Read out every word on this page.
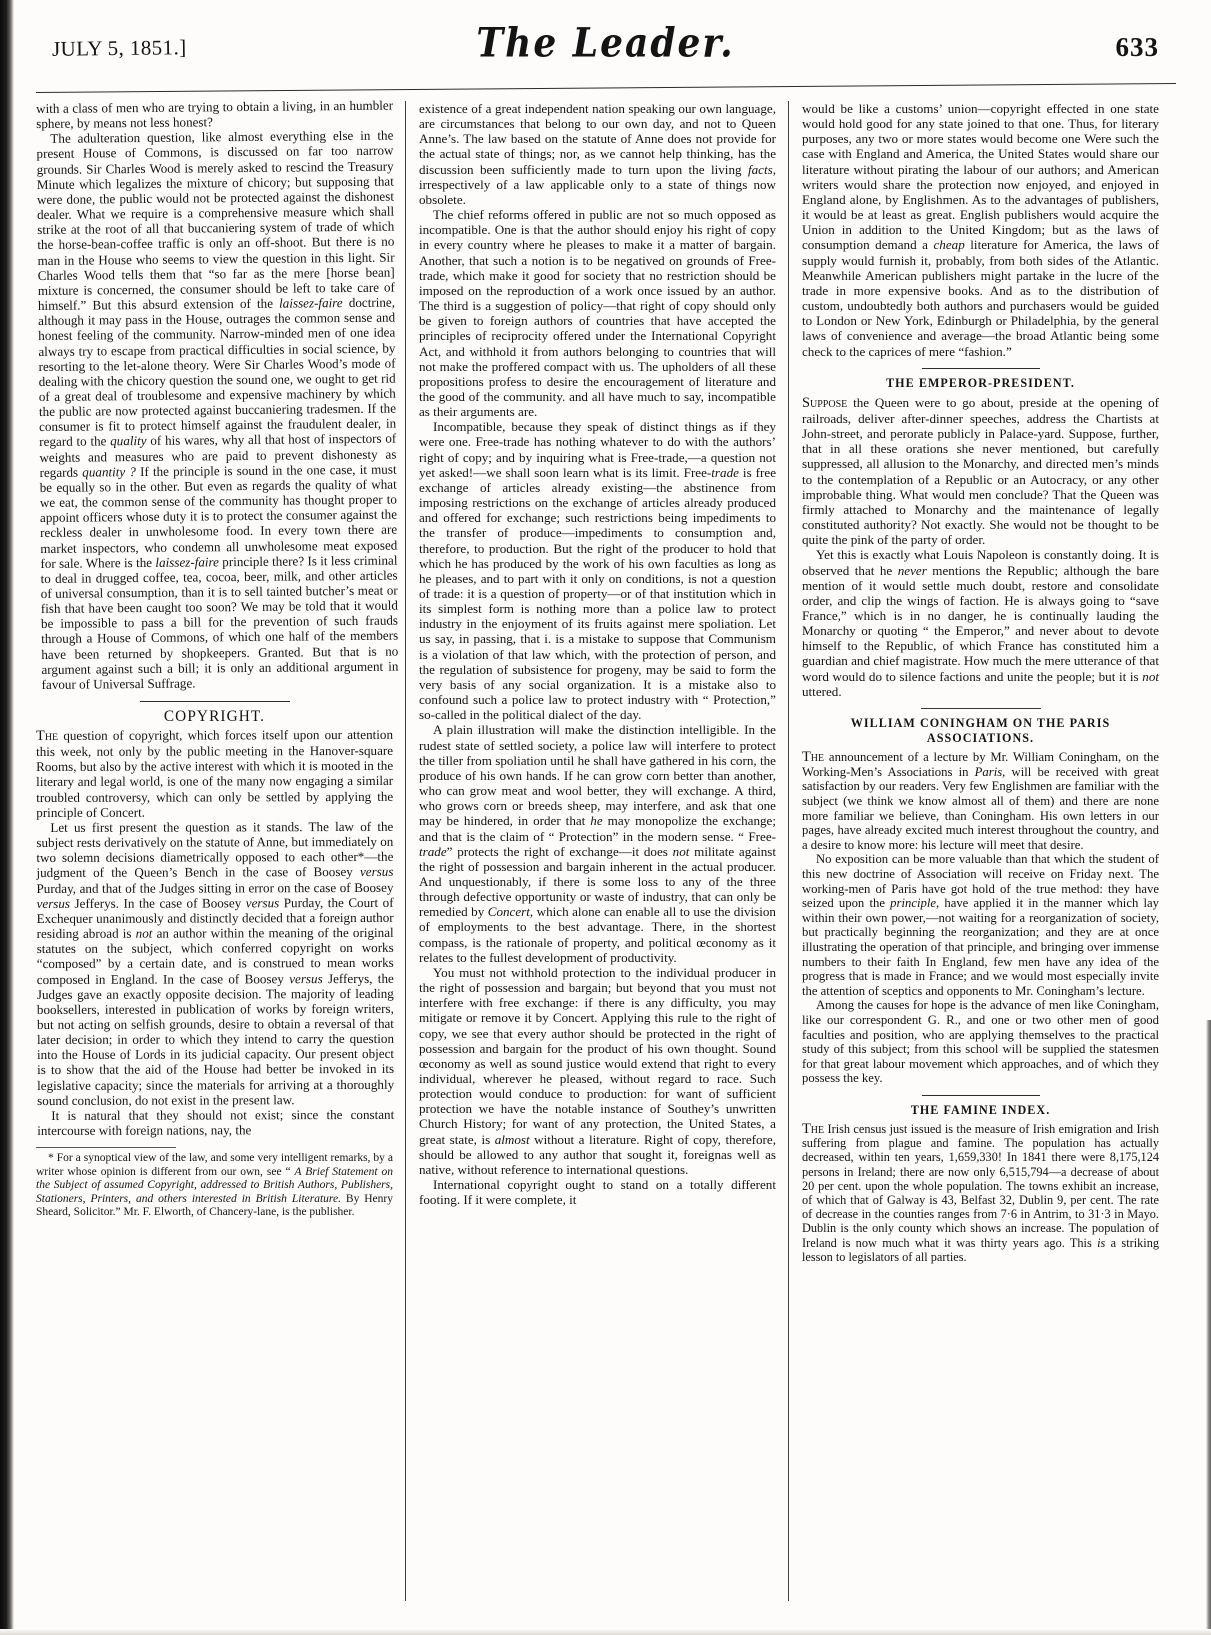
JULY 5, 1851.]	The Leader.	633

with a class of men who are trying to obtain a living, in an humbler sphere, by means not less honest?

The adulteration question, like almost everything else in the present House of Commons, is discussed on far too narrow grounds. Sir Charles Wood is merely asked to rescind the Treasury Minute which legalizes the mixture of chicory; but supposing that were done, the public would not be protected against the dishonest dealer. What we require is a comprehensive measure which shall strike at the root of all that buccaniering system of trade of which the horse-bean-coffee traffic is only an off-shoot. But there is no man in the House who seems to view the question in this light. Sir Charles Wood tells them that “so far as the mere [horse bean] mixture is concerned, the consumer should be left to take care of himself.” But this absurd extension of the laissez-faire doctrine, although it may pass in the House, outrages the common sense and honest feeling of the community. Narrow-minded men of one idea always try to escape from practical difficulties in social science, by resorting to the let-alone theory. Were Sir Charles Wood’s mode of dealing with the chicory question the sound one, we ought to get rid of a great deal of troublesome and expensive machinery by which the public are now protected against buccaniering tradesmen. If the consumer is fit to protect himself against the fraudulent dealer, in regard to the quality of his wares, why all that host of inspectors of weights and measures who are paid to prevent dishonesty as regards quantity ? If the principle is sound in the one case, it must be equally so in the other. But even as regards the quality of what we eat, the common sense of the community has thought proper to appoint officers whose duty it is to protect the consumer against the reckless dealer in unwholesome food. In every town there are market inspectors, who condemn all unwholesome meat exposed for sale. Where is the laissez-faire principle there? Is it less criminal to deal in drugged coffee, tea, cocoa, beer, milk, and other articles of universal consumption, than it is to sell tainted butcher’s meat or fish that have been caught too soon? We may be told that it would be impossible to pass a bill for the prevention of such frauds through a House of Commons, of which one half of the members have been returned by shopkeepers. Granted. But that is no argument against such a bill; it is only an additional argument in favour of Universal Suffrage.

COPYRIGHT.

The question of copyright, which forces itself upon our attention this week, not only by the public meeting in the Hanover-square Rooms, but also by the active interest with which it is mooted in the literary and legal world, is one of the many now engaging a similar troubled controversy, which can only be settled by applying the principle of Concert.

Let us first present the question as it stands. The law of the subject rests derivatively on the statute of Anne, but immediately on two solemn decisions diametrically opposed to each other*—the judgment of the Queen’s Bench in the case of Boosey versus Purday, and that of the Judges sitting in error on the case of Boosey versus Jefferys. In the case of Boosey versus Purday, the Court of Exchequer unanimously and distinctly decided that a foreign author residing abroad is not an author within the meaning of the original statutes on the subject, which conferred copyright on works “composed” by a certain date, and is construed to mean works composed in England. In the case of Boosey versus Jefferys, the Judges gave an exactly opposite decision. The majority of leading booksellers, interested in publication of works by foreign writers, but not acting on selfish grounds, desire to obtain a reversal of that later decision; in order to which they intend to carry the question into the House of Lords in its judicial capacity. Our present object is to show that the aid of the House had better be invoked in its legislative capacity; since the materials for arriving at a thoroughly sound conclusion, do not exist in the present law.

It is natural that they should not exist; since the constant intercourse with foreign nations, nay, the

* For a synoptical view of the law, and some very intelligent remarks, by a writer whose opinion is different from our own, see “ A Brief Statement on the Subject of assumed Copyright, addressed to British Authors, Publishers, Stationers, Printers, and others interested in British Literature. By Henry Sheard, Solicitor.” Mr. F. Elworth, of Chancery-lane, is the publisher.

existence of a great independent nation speaking our own language, are circumstances that belong to our own day, and not to Queen Anne’s. The law based on the statute of Anne does not provide for the actual state of things; nor, as we cannot help thinking, has the discussion been sufficiently made to turn upon the living facts, irrespectively of a law applicable only to a state of things now obsolete.

The chief reforms offered in public are not so much opposed as incompatible. One is that the author should enjoy his right of copy in every country where he pleases to make it a matter of bargain. Another, that such a notion is to be negatived on grounds of Free-trade, which make it good for society that no restriction should be imposed on the reproduction of a work once issued by an author. The third is a suggestion of policy—that right of copy should only be given to foreign authors of countries that have accepted the principles of reciprocity offered under the International Copyright Act, and withhold it from authors belonging to countries that will not make the proffered compact with us. The upholders of all these propositions profess to desire the encouragement of literature and the good of the community. and all have much to say, incompatible as their arguments are.

Incompatible, because they speak of distinct things as if they were one. Free-trade has nothing whatever to do with the authors’ right of copy; and by inquiring what is Free-trade,—a question not yet asked!—we shall soon learn what is its limit. Free-trade is free exchange of articles already existing—the abstinence from imposing restrictions on the exchange of articles already produced and offered for exchange; such restrictions being impediments to the transfer of produce—impediments to consumption and, therefore, to production. But the right of the producer to hold that which he has produced by the work of his own faculties as long as he pleases, and to part with it only on conditions, is not a question of trade: it is a question of property—or of that institution which in its simplest form is nothing more than a police law to protect industry in the enjoyment of its fruits against mere spoliation. Let us say, in passing, that i. is a mistake to suppose that Communism is a violation of that law which, with the protection of person, and the regulation of subsistence for progeny, may be said to form the very basis of any social organization. It is a mistake also to confound such a police law to protect industry with “ Protection,” so-called in the political dialect of the day.

A plain illustration will make the distinction intelligible. In the rudest state of settled society, a police law will interfere to protect the tiller from spoliation until he shall have gathered in his corn, the produce of his own hands. If he can grow corn better than another, who can grow meat and wool better, they will exchange. A third, who grows corn or breeds sheep, may interfere, and ask that one may be hindered, in order that he may monopolize the exchange; and that is the claim of “ Protection” in the modern sense. “ Free-trade” protects the right of exchange—it does not militate against the right of possession and bargain inherent in the actual producer. And unquestionably, if there is some loss to any of the three through defective opportunity or waste of industry, that can only be remedied by Concert, which alone can enable all to use the division of employments to the best advantage. There, in the shortest compass, is the rationale of property, and political œconomy as it relates to the fullest development of productivity.

You must not withhold protection to the individual producer in the right of possession and bargain; but beyond that you must not interfere with free exchange: if there is any difficulty, you may mitigate or remove it by Concert. Applying this rule to the right of copy, we see that every author should be protected in the right of possession and bargain for the product of his own thought. Sound œconomy as well as sound justice would extend that right to every individual, wherever he pleased, without regard to race. Such protection would conduce to production: for want of sufficient protection we have the notable instance of Southey’s unwritten Church History; for want of any protection, the United States, a great state, is almost without a literature. Right of copy, therefore, should be allowed to any author that sought it, foreignas well as native, without reference to international questions.

International copyright ought to stand on a totally different footing. If it were complete, it

would be like a customs’ union—copyright effected in one state would hold good for any state joined to that one. Thus, for literary purposes, any two or more states would become one Were such the case with England and America, the United States would share our literature without pirating the labour of our authors; and American writers would share the protection now enjoyed, and enjoyed in England alone, by Englishmen. As to the advantages of publishers, it would be at least as great. English publishers would acquire the Union in addition to the United Kingdom; but as the laws of consumption demand a cheap literature for America, the laws of supply would furnish it, probably, from both sides of the Atlantic. Meanwhile American publishers might partake in the lucre of the trade in more expensive books. And as to the distribution of custom, undoubtedly both authors and purchasers would be guided to London or New York, Edinburgh or Philadelphia, by the general laws of convenience and average—the broad Atlantic being some check to the caprices of mere “fashion.”

THE EMPEROR-PRESIDENT.

Suppose the Queen were to go about, preside at the opening of railroads, deliver after-dinner speeches, address the Chartists at John-street, and perorate publicly in Palace-yard. Suppose, further, that in all these orations she never mentioned, but carefully suppressed, all allusion to the Monarchy, and directed men’s minds to the contemplation of a Republic or an Autocracy, or any other improbable thing. What would men conclude? That the Queen was firmly attached to Monarchy and the maintenance of legally constituted authority? Not exactly. She would not be thought to be quite the pink of the party of order.

Yet this is exactly what Louis Napoleon is constantly doing. It is observed that he never mentions the Republic; although the bare mention of it would settle much doubt, restore and consolidate order, and clip the wings of faction. He is always going to “save France,” which is in no danger, he is continually lauding the Monarchy or quoting “ the Emperor,” and never about to devote himself to the Republic, of which France has constituted him a guardian and chief magistrate. How much the mere utterance of that word would do to silence factions and unite the people; but it is not uttered.

WILLIAM CONINGHAM ON THE PARIS ASSOCIATIONS.

The announcement of a lecture by Mr. William Coningham, on the Working-Men’s Associations in Paris, will be received with great satisfaction by our readers. Very few Englishmen are familiar with the subject (we think we know almost all of them) and there are none more familiar we believe, than Coningham. His own letters in our pages, have already excited much interest throughout the country, and a desire to know more: his lecture will meet that desire.

No exposition can be more valuable than that which the student of this new doctrine of Association will receive on Friday next. The working-men of Paris have got hold of the true method: they have seized upon the principle, have applied it in the manner which lay within their own power,—not waiting for a reorganization of society, but practically beginning the reorganization; and they are at once illustrating the operation of that principle, and bringing over immense numbers to their faith In England, few men have any idea of the progress that is made in France; and we would most especially invite the attention of sceptics and opponents to Mr. Coningham’s lecture.

Among the causes for hope is the advance of men like Coningham, like our correspondent G. R., and one or two other men of good faculties and position, who are applying themselves to the practical study of this subject; from this school will be supplied the statesmen for that great labour movement which approaches, and of which they possess the key.

THE FAMINE INDEX.

The Irish census just issued is the measure of Irish emigration and Irish suffering from plague and famine. The population has actually decreased, within ten years, 1,659,330! In 1841 there were 8,175,124 persons in Ireland; there are now only 6,515,794—a decrease of about 20 per cent. upon the whole population. The towns exhibit an increase, of which that of Galway is 43, Belfast 32, Dublin 9, per cent. The rate of decrease in the counties ranges from 7·6 in Antrim, to 31·3 in Mayo. Dublin is the only county which shows an increase. The population of Ireland is now much what it was thirty years ago. This is a striking lesson to legislators of all parties.
